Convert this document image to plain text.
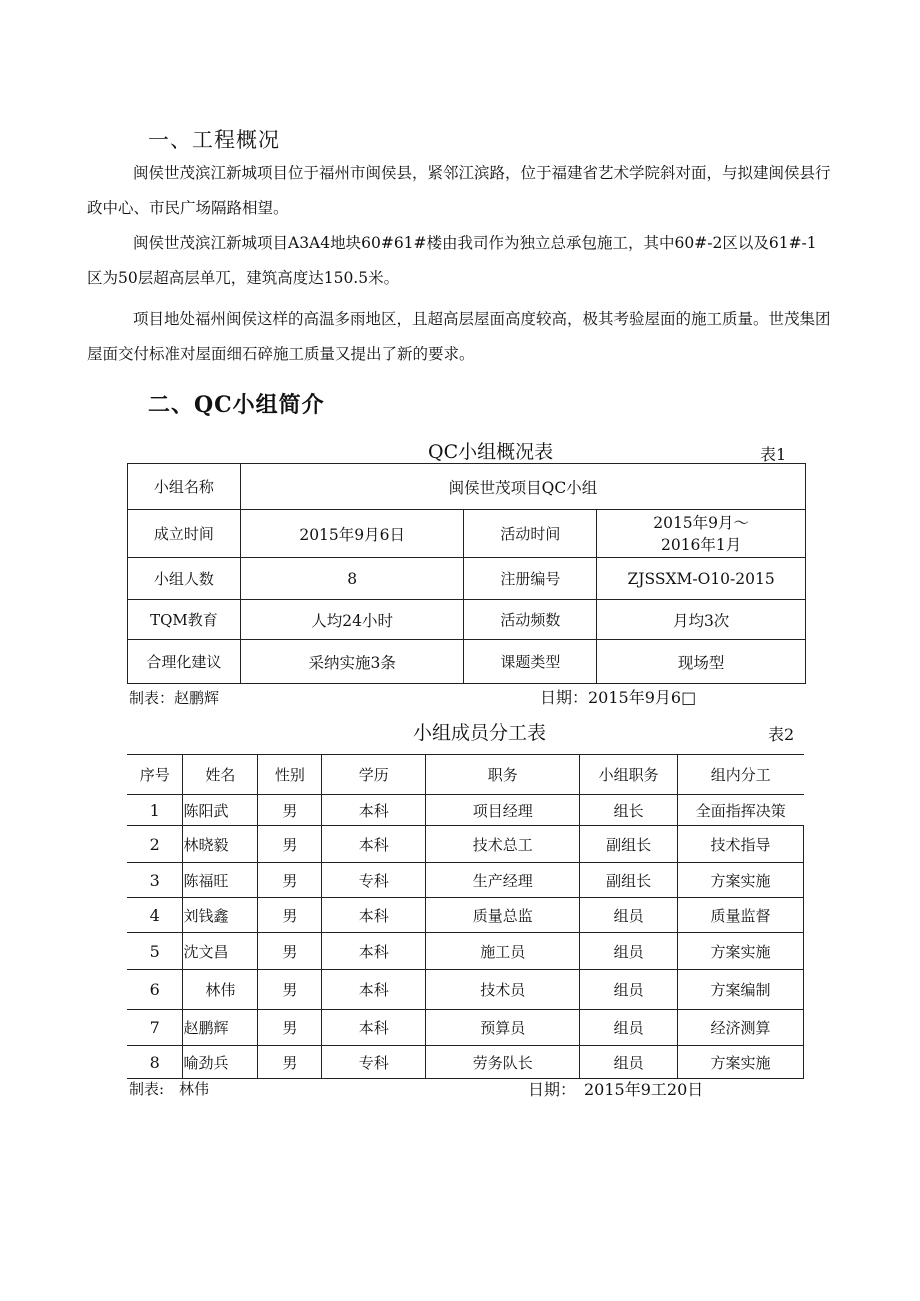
一、工程概况
闽侯世茂滨江新城项目位于福州市闽侯县，紧邻江滨路，位于福建省艺术学院斜对面，与拟建闽侯县行政中心、市民广场隔路相望。
闽侯世茂滨江新城项目A3A4地块60#61#楼由我司作为独立总承包施工，其中60#-2区以及61#-1区为50层超高层单兀，建筑高度达150.5米。
项目地处福州闽侯这样的高温多雨地区，且超高层屋面高度较高，极其考验屋面的施工质量。世茂集团屋面交付标准对屋面细石碎施工质量又提出了新的要求。
二、QC小组简介
QC小组概况表	表1
小组名称	闽侯世茂项目QC小组		
成立时间	2015年9月6日	活动时间	2015年9月～
2016年1月

小组人数	8	注册编号	ZJSSXM-O10-2015
TQM教育	人均24小时	活动频数	月均3次
合理化建议	采纳实施3条	课题类型	现场型
制表：赵鹏辉	日期：2015年9月6□
小组成员分工表	表2
序号	姓名	性别	学历	职务	小组职务	组内分工
1	陈阳武	男	本科	项目经理	组长	全面指挥决策
2	林晓毅	男	本科	技术总工	副组长	技术指导
3	陈福旺	男	专科	生产经理	副组长	方案实施
4	刘钱鑫	男	本科	质量总监	组员	质量监督
5	沈文昌	男	本科	施工员	组员	方案实施
6	林伟	男	本科	技术员	组员	方案编制
7	赵鹏辉	男	本科	预算员	组员	经济测算
8	喻劲兵	男	专科	劳务队长	组员	方案实施
制表:　林伟	日期：　2015年9工20日
